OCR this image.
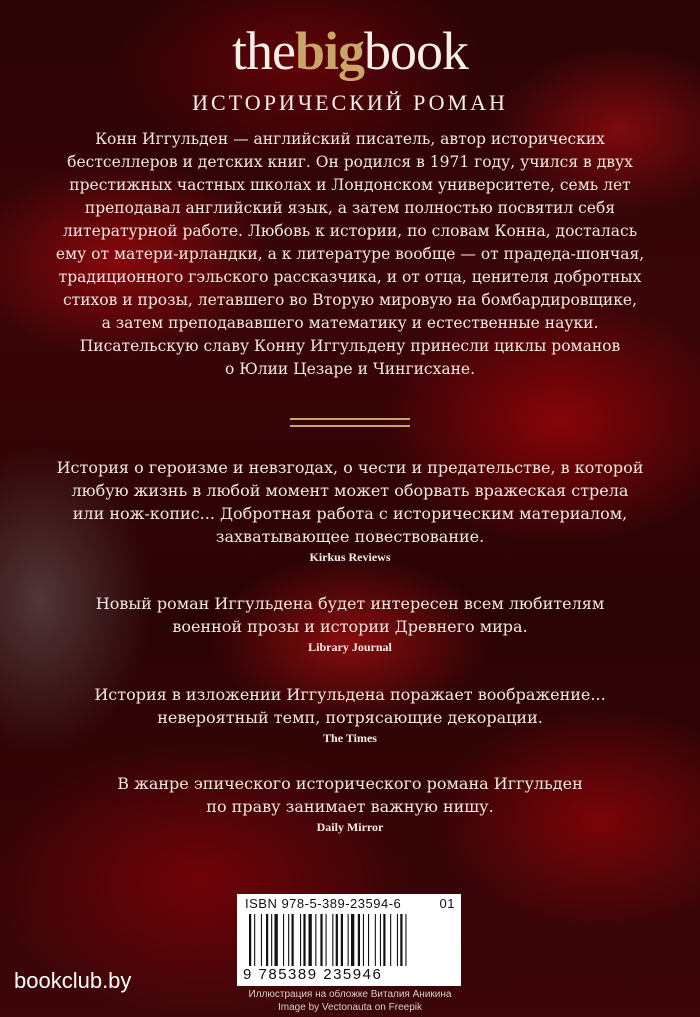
thebigbook
ИСТОРИЧЕСКИЙ РОМАН
Конн Иггульден — английский писатель, автор исторических
бестселлеров и детских книг. Он родился в 1971 году, учился в двух
престижных частных школах и Лондонском университете, семь лет
преподавал английский язык, а затем полностью посвятил себя
литературной работе. Любовь к истории, по словам Конна, досталась
ему от матери-ирландки, а к литературе вообще — от прадеда-шончая,
традиционного гэльского рассказчика, и от отца, ценителя добротных
стихов и прозы, летавшего во Вторую мировую на бомбардировщике,
а затем преподававшего математику и естественные науки.
Писательскую славу Конну Иггульдену принесли циклы романов
о Юлии Цезаре и Чингисхане.
История о героизме и невзгодах, о чести и предательстве, в которой
любую жизнь в любой момент может оборвать вражеская стрела
или нож-копис... Добротная работа с историческим материалом,
захватывающее повествование.
Kirkus Reviews
Новый роман Иггульдена будет интересен всем любителям
военной прозы и истории Древнего мира.
Library Journal
История в изложении Иггульдена поражает воображение...
невероятный темп, потрясающие декорации.
The Times
В жанре эпического исторического романа Иггульден
по праву занимает важную нишу.
Daily Mirror
ISBN 978-5-389-23594-6	01
9 785389 235946
bookclub.by
Иллюстрация на обложке Виталия Аникина
Image by Vectonauta on Freepik
